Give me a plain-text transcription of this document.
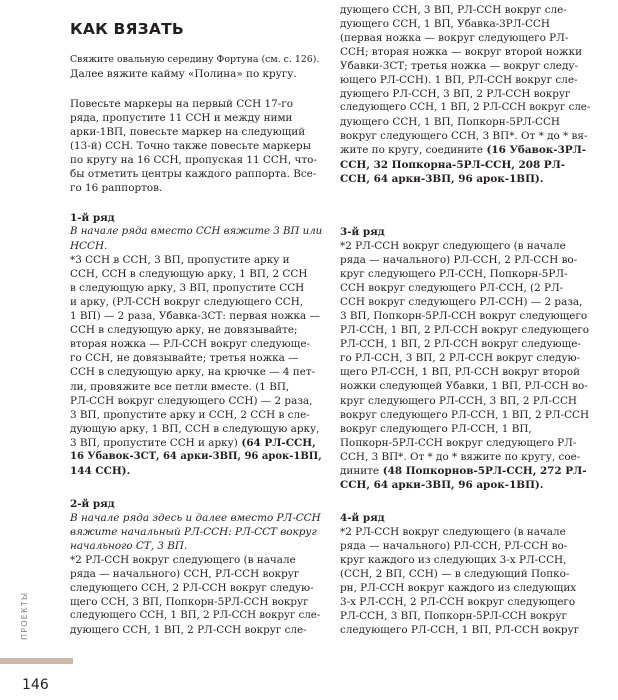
КАК ВЯЗАТЬ
Свяжите овальную середину Фортуна (см. с. 126).
Далее вяжите кайму «Полина» по кругу.
Повесьте маркеры на первый ССН 17-го
ряда, пропустите 11 ССН и между ними
арки-1ВП, повесьте маркер на следующий
(13-й) ССН. Точно также повесьте маркеры
по кругу на 16 ССН, пропуская 11 ССН, что-
бы отметить центры каждого раппорта. Все-
го 16 раппортов.
1-й ряд
В начале ряда вместо ССН вяжите 3 ВП или
НССН.
*3 ССН в ССН, 3 ВП, пропустите арку и
ССН, ССН в следующую арку, 1 ВП, 2 ССН
в следующую арку, 3 ВП, пропустите ССН
и арку, (РЛ-ССН вокруг следующего ССН,
1 ВП) — 2 раза, Убавка-3СТ: первая ножка —
ССН в следующую арку, не довязывайте;
вторая ножка — РЛ-ССН вокруг следующе-
го ССН, не довязывайте; третья ножка —
ССН в следующую арку, на крючке — 4 пет-
ли, провяжите все петли вместе. (1 ВП,
РЛ-ССН вокруг следующего ССН) — 2 раза,
3 ВП, пропустите арку и ССН, 2 ССН в сле-
дующую арку, 1 ВП, ССН в следующую арку,
3 ВП, пропустите ССН и арку) (64 РЛ-ССН,
16 Убавок-3СТ, 64 арки-3ВП, 96 арок-1ВП,
144 ССН).
2-й ряд
В начале ряда здесь и далее вместо РЛ-ССН
вяжите начальный РЛ-ССН: РЛ-ССТ вокруг
начального СТ, 3 ВП.
*2 РЛ-ССН вокруг следующего (в начале
ряда — начального) ССН, РЛ-ССН вокруг
следующего ССН, 2 РЛ-ССН вокруг следую-
щего ССН, 3 ВП, Попкорн-5РЛ-ССН вокруг
следующего ССН, 1 ВП, 2 РЛ-ССН вокруг сле-
дующего ССН, 1 ВП, 2 РЛ-ССН вокруг сле-
дующего ССН, 3 ВП, РЛ-ССН вокруг сле-
дующего ССН, 1 ВП, Убавка-3РЛ-ССН
(первая ножка — вокруг следующего РЛ-
ССН; вторая ножка — вокруг второй ножки
Убавки-3СТ; третья ножка — вокруг следу-
ющего РЛ-ССН). 1 ВП, РЛ-ССН вокруг сле-
дующего РЛ-ССН, 3 ВП, 2 РЛ-ССН вокруг
следующего ССН, 1 ВП, 2 РЛ-ССН вокруг сле-
дующего ССН, 1 ВП, Попкорн-5РЛ-ССН
вокруг следующего ССН, 3 ВП*. От * до * вя-
жите по кругу, соедините (16 Убавок-3РЛ-
ССН, 32 Попкорна-5РЛ-ССН, 208 РЛ-
ССН, 64 арки-3ВП, 96 арок-1ВП).
3-й ряд
*2 РЛ-ССН вокруг следующего (в начале
ряда — начального) РЛ-ССН, 2 РЛ-ССН во-
круг следующего РЛ-ССН, Попкорн-5РЛ-
ССН вокруг следующего РЛ-ССН, (2 РЛ-
ССН вокруг следующего РЛ-ССН) — 2 раза,
3 ВП, Попкорн-5РЛ-ССН вокруг следующего
РЛ-ССН, 1 ВП, 2 РЛ-ССН вокруг следующего
РЛ-ССН, 1 ВП, 2 РЛ-ССН вокруг следующе-
го РЛ-ССН, 3 ВП, 2 РЛ-ССН вокруг следую-
щего РЛ-ССН, 1 ВП, РЛ-ССН вокруг второй
ножки следующей Убавки, 1 ВП, РЛ-ССН во-
круг следующего РЛ-ССН, 3 ВП, 2 РЛ-ССН
вокруг следующего РЛ-ССН, 1 ВП, 2 РЛ-ССН
вокруг следующего РЛ-ССН, 1 ВП,
Попкорн-5РЛ-ССН вокруг следующего РЛ-
ССН, 3 ВП*. От * до * вяжите по кругу, сое-
дините (48 Попкорнов-5РЛ-ССН, 272 РЛ-
ССН, 64 арки-3ВП, 96 арок-1ВП).
4-й ряд
*2 РЛ-ССН вокруг следующего (в начале
ряда — начального) РЛ-ССН, РЛ-ССН во-
круг каждого из следующих 3-х РЛ-ССН,
(ССН, 2 ВП, ССН) — в следующий Попко-
рн, РЛ-ССН вокруг каждого из следующих
3-х РЛ-ССН, 2 РЛ-ССН вокруг следующего
РЛ-ССН, 3 ВП, Попкорн-5РЛ-ССН вокруг
следующего РЛ-ССН, 1 ВП, РЛ-ССН вокруг
ПРОЕКТЫ
146
